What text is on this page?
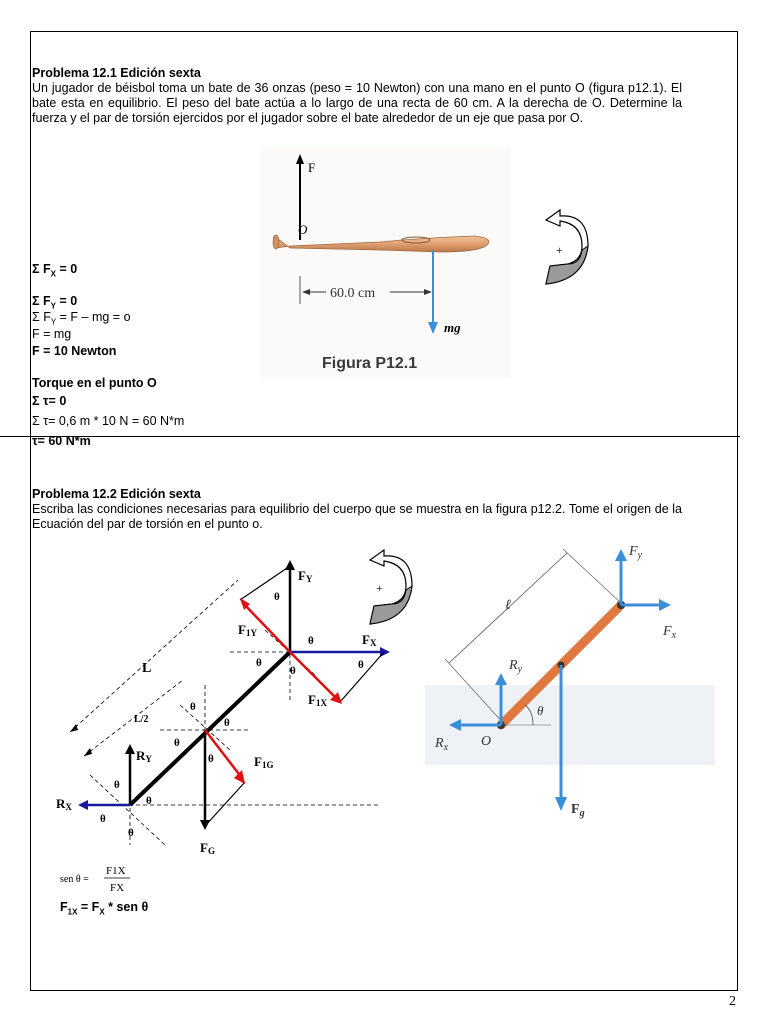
Problema 12.1 Edición sexta
Un jugador de béisbol toma un bate de 36 onzas (peso = 10 Newton) con una mano en el punto O (figura p12.1). El bate esta en equilibrio. El peso del bate actúa a lo largo de una recta de 60 cm. A la derecha de O. Determine la fuerza y el par de torsión ejercidos por el jugador sobre el bate alrededor de un eje que pasa por O.
Σ $F_X = 0$
Σ $F_Y = 0$
Σ $F_Y = F$ – mg = o
F = mg
F = 10 Newton
Torque en el punto O
Σ τ= 0
Σ τ= 0,6 m * 10 N = 60 N*m
τ= 60 N*m
F
O
mg
60.0 cm
Figura P12.1
+
Problema 12.2 Edición sexta
Escriba las condiciones necesarias para equilibrio del cuerpo que se muestra en la figura p12.2. Tome el origen de la Ecuación del par de torsión en el punto o.
+
L
L/2
FY
F1Y	FX
F1X
F1G
FG
RY
RX
θ
θ
θ
θ	θ
θ
θ
θ
θ
θ
θ
θ
θ
sen θ =
F1X
FX
$F_{1X} = F_X$ * sen θ
ℓ
θ
$F_y$
$F_x$
$R_y$
$R_x$ O
$F_g$
2
